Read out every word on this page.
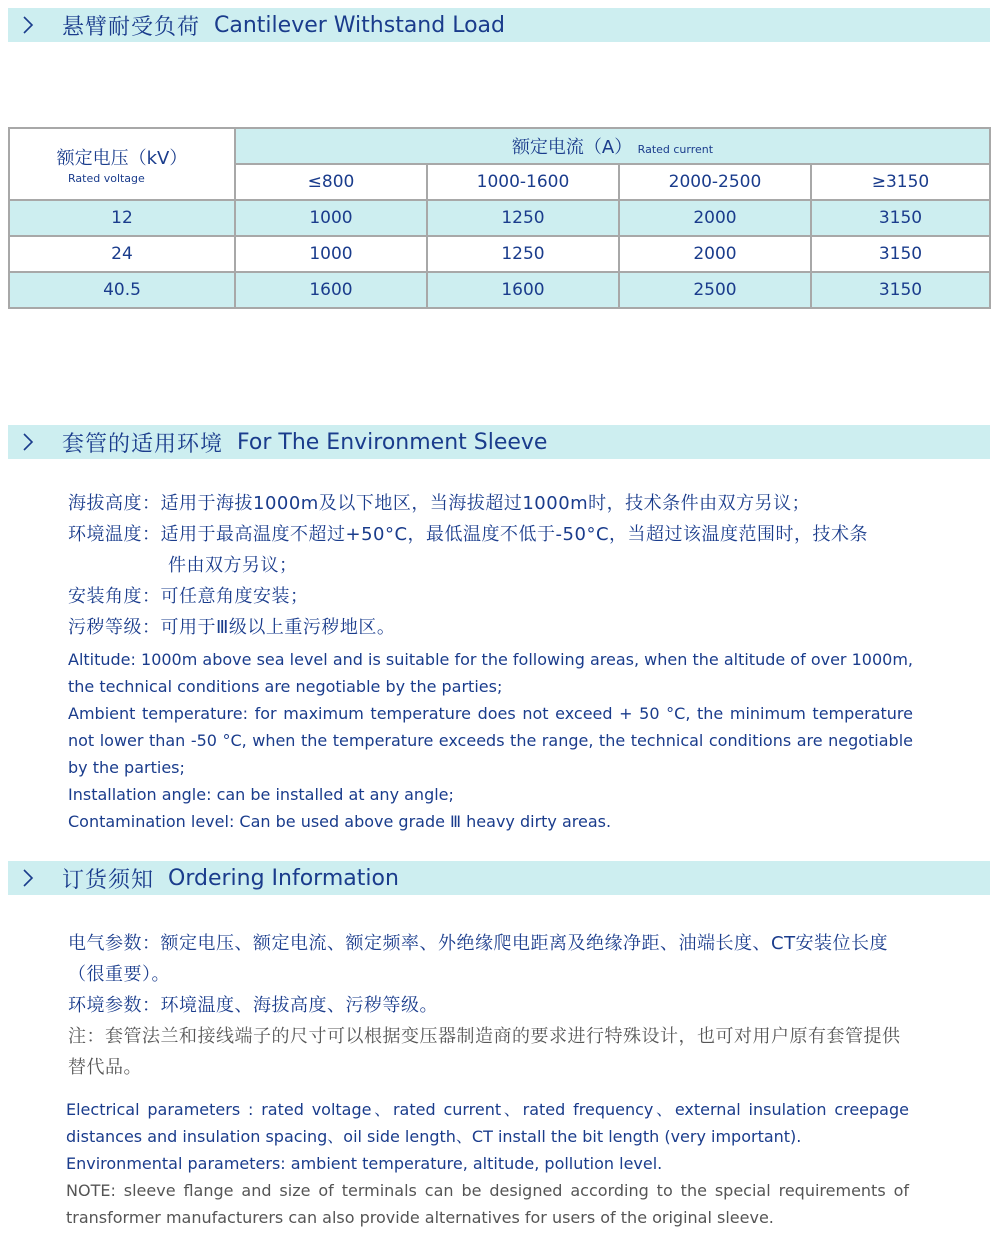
悬臂耐受负荷 Cantilever Withstand Load
额定电压（kV）
Rated voltage	额定电流（A） Rated current			
	≤800	1000-1600	2000-2500	≥3150
12	1000	1250	2000	3150
24	1000	1250	2000	3150
40.5	1600	1600	2500	3150
套管的适用环境 For The Environment Sleeve
海拔高度：适用于海拔1000m及以下地区，当海拔超过1000m时，技术条件由双方另议；
环境温度：适用于最高温度不超过+50°C，最低温度不低于-50°C，当超过该温度范围时，技术条
件由双方另议；
安装角度：可任意角度安装；
污秽等级：可用于Ⅲ级以上重污秽地区。
Altitude: 1000m above sea level and is suitable for the following areas, when the altitude of over 1000m, the technical conditions are negotiable by the parties;
Ambient temperature: for maximum temperature does not exceed + 50 °C, the minimum temperature not lower than -50 °C, when the temperature exceeds the range, the technical conditions are negotiable by the parties;
Installation angle: can be installed at any angle;
Contamination level: Can be used above grade Ⅲ heavy dirty areas.
订货须知 Ordering Information
电气参数：额定电压、额定电流、额定频率、外绝缘爬电距离及绝缘净距、油端长度、CT安装位长度（很重要）。
环境参数：环境温度、海拔高度、污秽等级。
注：套管法兰和接线端子的尺寸可以根据变压器制造商的要求进行特殊设计，也可对用户原有套管提供替代品。
Electrical parameters : rated voltage、rated current、rated frequency、external insulation creepage distances and insulation spacing、oil side length、CT install the bit length (very important).
Environmental parameters: ambient temperature, altitude, pollution level.
NOTE: sleeve flange and size of terminals can be designed according to the special requirements of transformer manufacturers can also provide alternatives for users of the original sleeve.
